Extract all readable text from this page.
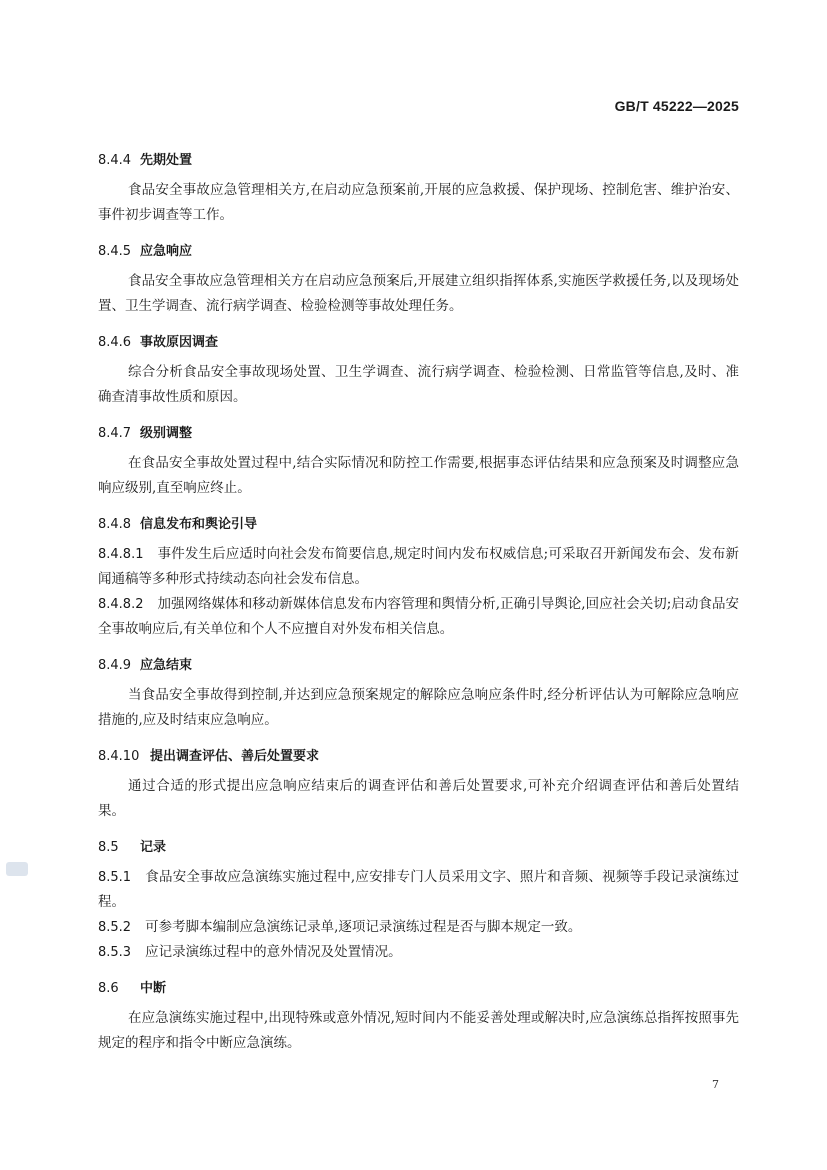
GB/T 45222—2025
8.4.4 先期处置

食品安全事故应急管理相关方,在启动应急预案前,开展的应急救援、保护现场、控制危害、维护治安、事件初步调查等工作。

8.4.5 应急响应

食品安全事故应急管理相关方在启动应急预案后,开展建立组织指挥体系,实施医学救援任务,以及现场处置、卫生学调查、流行病学调查、检验检测等事故处理任务。

8.4.6 事故原因调查

综合分析食品安全事故现场处置、卫生学调查、流行病学调查、检验检测、日常监管等信息,及时、准确查清事故性质和原因。

8.4.7 级别调整

在食品安全事故处置过程中,结合实际情况和防控工作需要,根据事态评估结果和应急预案及时调整应急响应级别,直至响应终止。

8.4.8 信息发布和舆论引导

8.4.8.1 事件发生后应适时向社会发布简要信息,规定时间内发布权威信息;可采取召开新闻发布会、发布新闻通稿等多种形式持续动态向社会发布信息。

8.4.8.2 加强网络媒体和移动新媒体信息发布内容管理和舆情分析,正确引导舆论,回应社会关切;启动食品安全事故响应后,有关单位和个人不应擅自对外发布相关信息。

8.4.9 应急结束

当食品安全事故得到控制,并达到应急预案规定的解除应急响应条件时,经分析评估认为可解除应急响应措施的,应及时结束应急响应。

8.4.10 提出调查评估、善后处置要求

通过合适的形式提出应急响应结束后的调查评估和善后处置要求,可补充介绍调查评估和善后处置结果。

8.5 记录

8.5.1 食品安全事故应急演练实施过程中,应安排专门人员采用文字、照片和音频、视频等手段记录演练过程。

8.5.2 可参考脚本编制应急演练记录单,逐项记录演练过程是否与脚本规定一致。

8.5.3 应记录演练过程中的意外情况及处置情况。

8.6 中断

在应急演练实施过程中,出现特殊或意外情况,短时间内不能妥善处理或解决时,应急演练总指挥按照事先规定的程序和指令中断应急演练。

7
